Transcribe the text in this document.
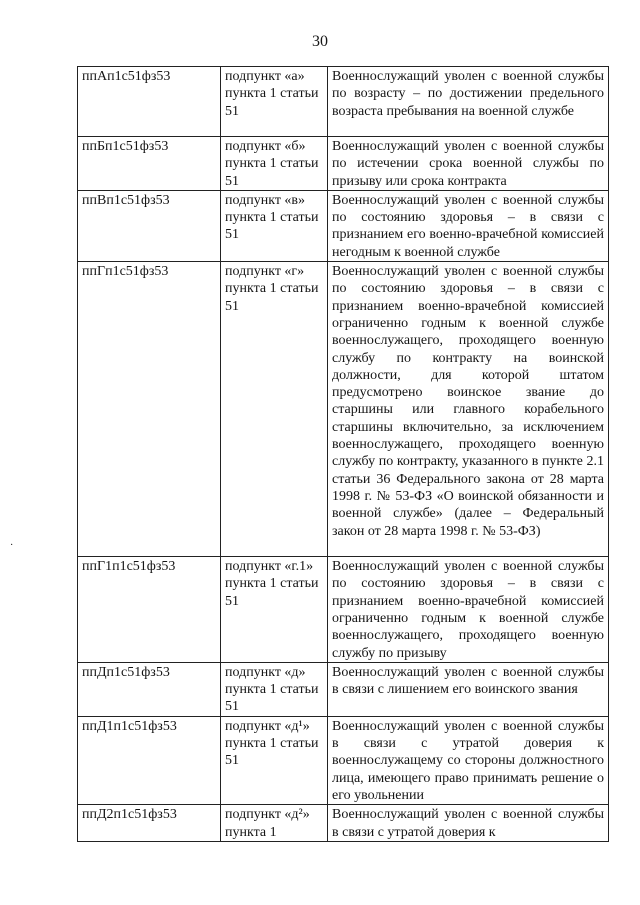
30
ппАп1с51фз53	подпункт «а» пункта 1 статьи 51	Военнослужащий уволен с военной службы по возрасту – по достижении предельного возраста пребывания на военной службе
ппБп1с51фз53	подпункт «б» пункта 1 статьи 51	Военнослужащий уволен с военной службы по истечении срока военной службы по призыву или срока контракта
ппВп1с51фз53	подпункт «в» пункта 1 статьи 51	Военнослужащий уволен с военной службы по состоянию здоровья – в связи с признанием его военно-врачебной комиссией негодным к военной службе
ппГп1с51фз53	подпункт «г» пункта 1 статьи 51	Военнослужащий уволен с военной службы по состоянию здоровья – в связи с признанием военно-врачебной комиссией ограниченно годным к военной службе военнослужащего, проходящего военную службу по контракту на воинской должности, для которой штатом предусмотрено воинское звание до старшины или главного корабельного старшины включительно, за исключением военнослужащего, проходящего военную службу по контракту, указанного в пункте 2.1 статьи 36 Федерального закона от 28 марта 1998 г. № 53-ФЗ «О воинской обязанности и военной службе» (далее – Федеральный закон от 28 марта 1998 г. № 53-ФЗ)
ппГ1п1с51фз53	подпункт «г.1» пункта 1 статьи 51	Военнослужащий уволен с военной службы по состоянию здоровья – в связи с признанием военно-врачебной комиссией ограниченно годным к военной службе военнослужащего, проходящего военную службу по призыву
ппДп1с51фз53	подпункт «д» пункта 1 статьи 51	Военнослужащий уволен с военной службы в связи с лишением его воинского звания
ппД1п1с51фз53	подпункт «д¹» пункта 1 статьи 51	Военнослужащий уволен с военной службы в связи с утратой доверия к военнослужащему со стороны должностного лица, имеющего право принимать решение о его увольнении
ппД2п1с51фз53	подпункт «д²» пункта 1	Военнослужащий уволен с военной службы в связи с утратой доверия к
·
